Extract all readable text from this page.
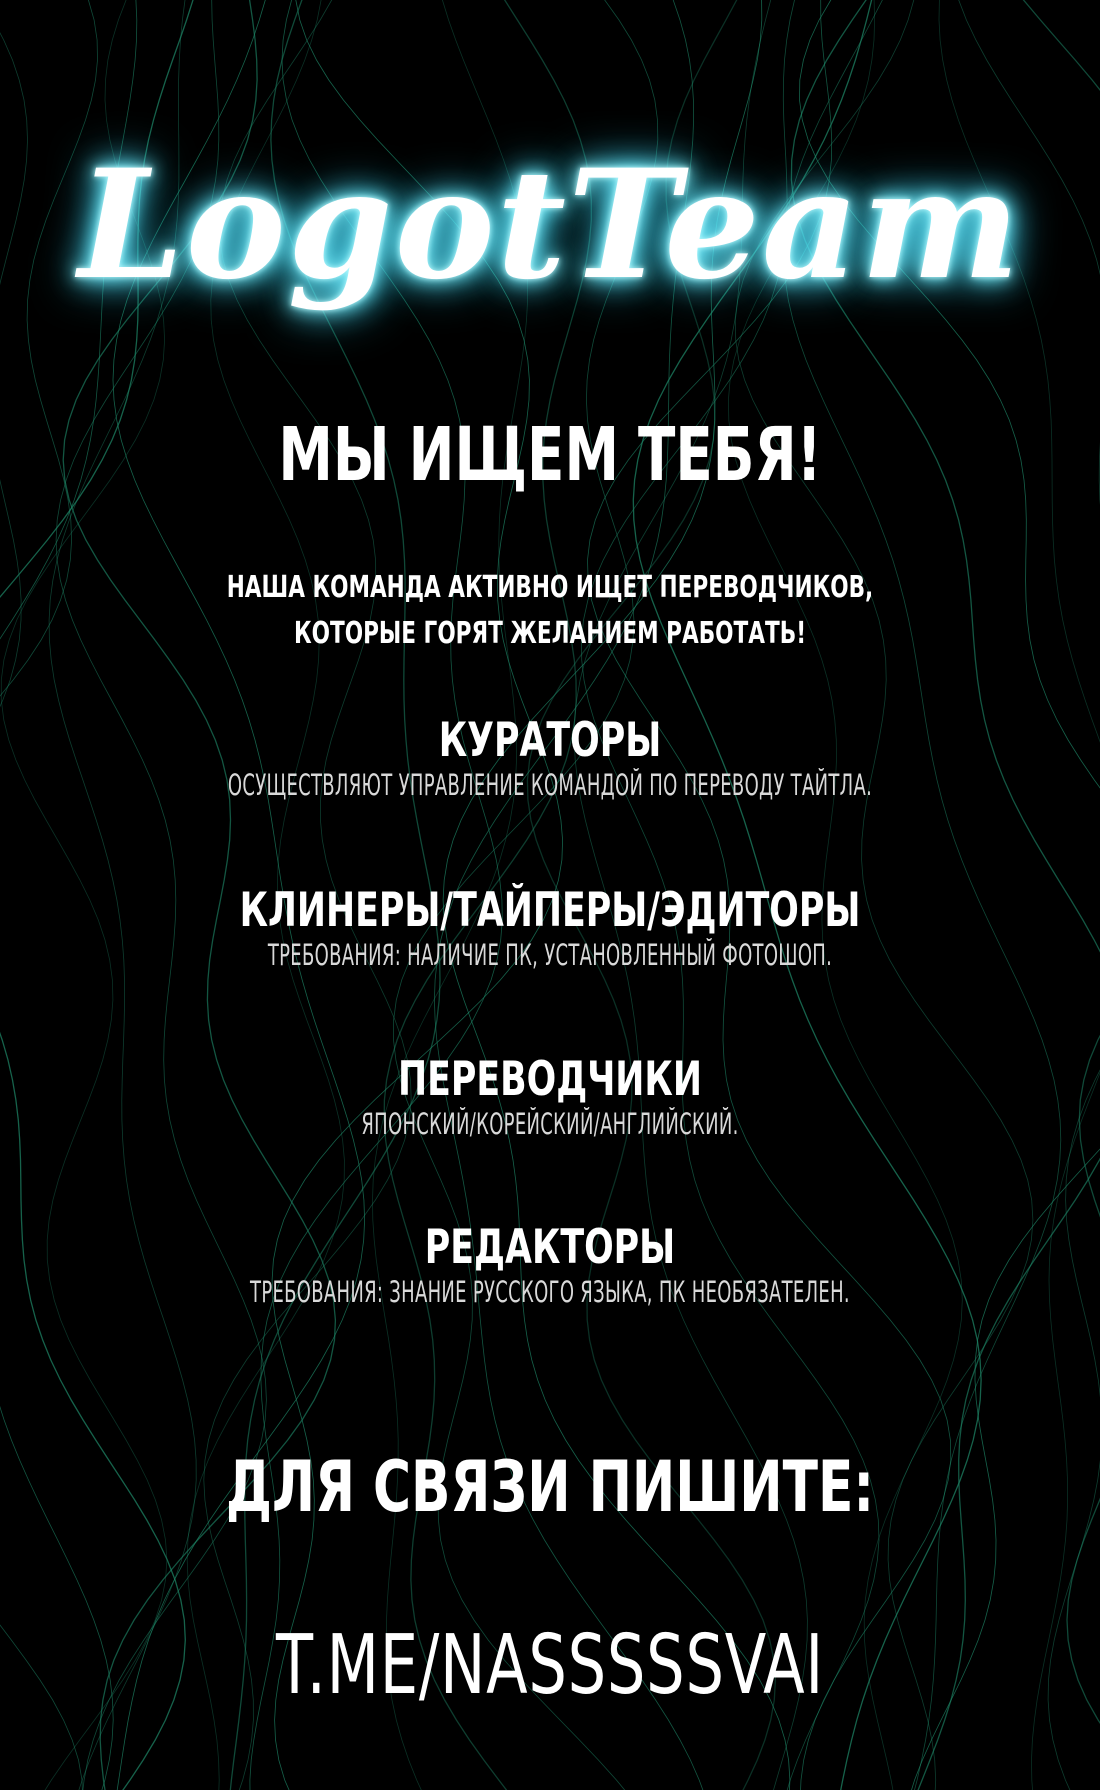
LogotTeam
МЫ ИЩЕМ ТЕБЯ!
НАША КОМАНДА АКТИВНО ИЩЕТ ПЕРЕВОДЧИКОВ,
КОТОРЫЕ ГОРЯТ ЖЕЛАНИЕМ РАБОТАТЬ!
КУРАТОРЫ
ОСУЩЕСТВЛЯЮТ УПРАВЛЕНИЕ КОМАНДОЙ ПО ПЕРЕВОДУ ТАЙТЛА.
КЛИНЕРЫ/ТАЙПЕРЫ/ЭДИТОРЫ
ТРЕБОВАНИЯ: НАЛИЧИЕ ПК, УСТАНОВЛЕННЫЙ ФОТОШОП.
ПЕРЕВОДЧИКИ
ЯПОНСКИЙ/КОРЕЙСКИЙ/АНГЛИЙСКИЙ.
РЕДАКТОРЫ
ТРЕБОВАНИЯ: ЗНАНИЕ РУССКОГО ЯЗЫКА, ПК НЕОБЯЗАТЕЛЕН.
ДЛЯ СВЯЗИ ПИШИТЕ:
T.ME/NASSSSSVAI
